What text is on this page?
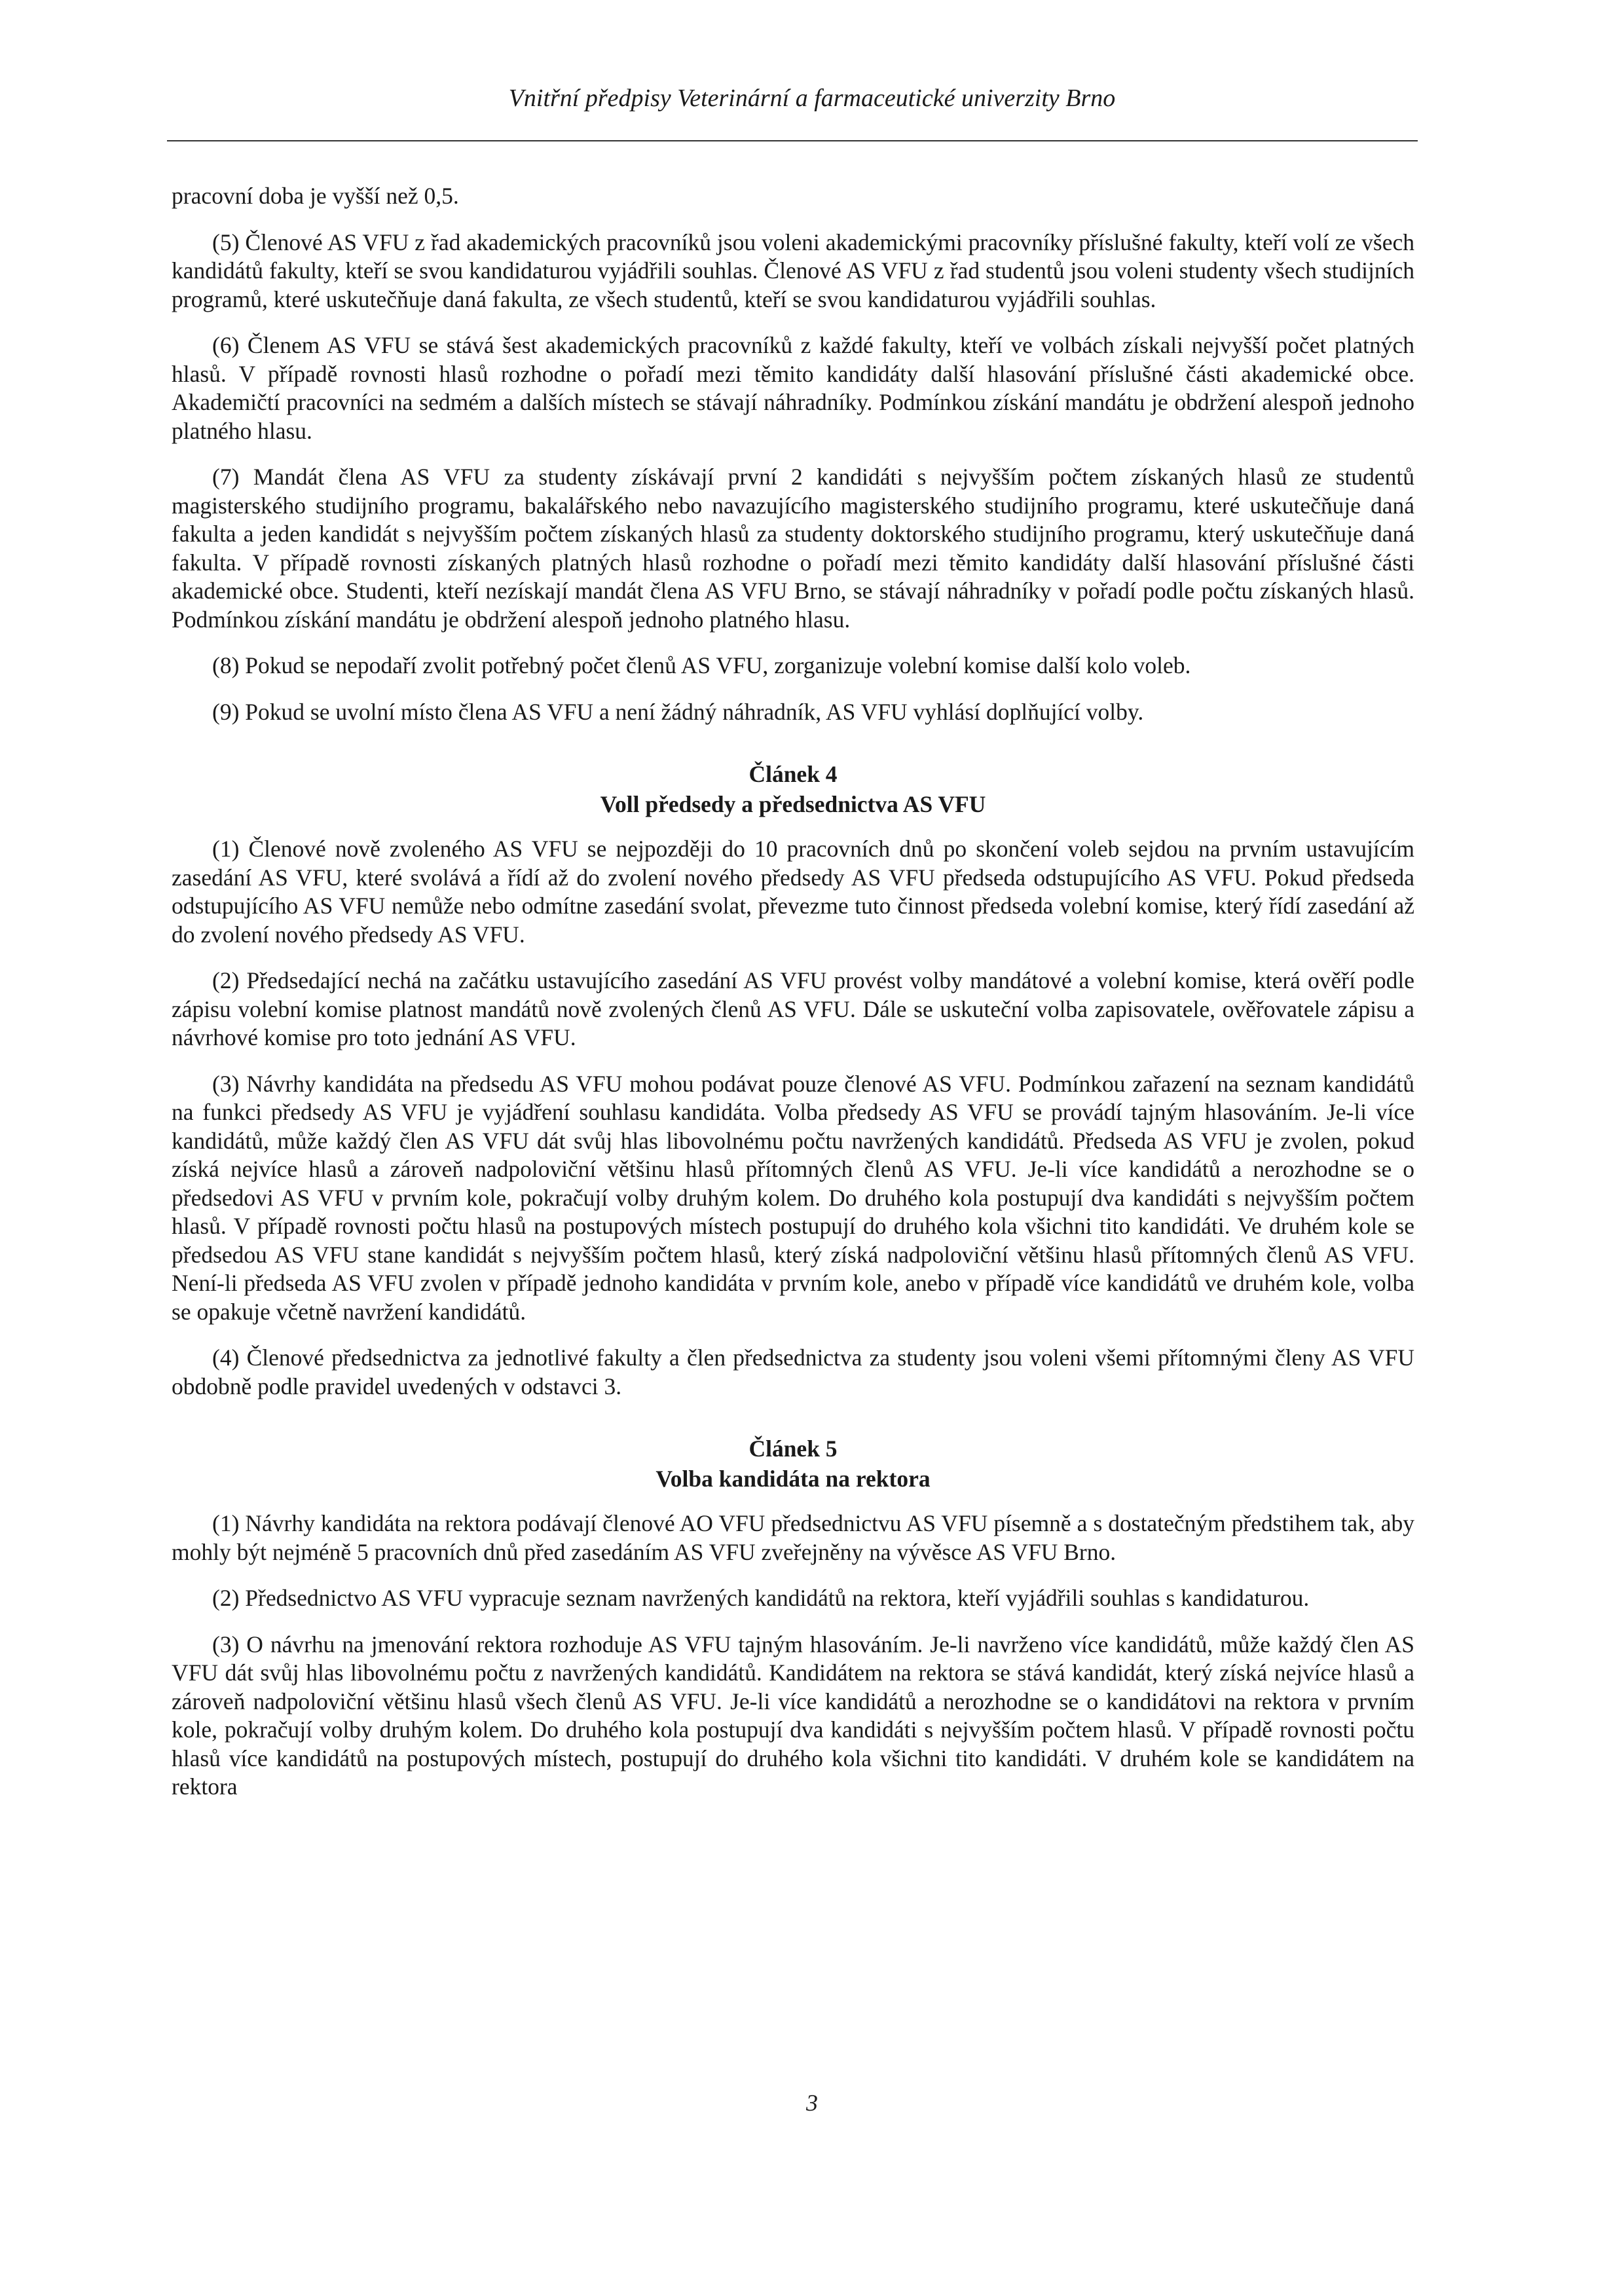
Vnitřní předpisy Veterinární a farmaceutické univerzity Brno

pracovní doba je vyšší než 0,5.

(5) Členové AS VFU z řad akademických pracovníků jsou voleni akademickými pracovníky příslušné fakulty, kteří volí ze všech kandidátů fakulty, kteří se svou kandidaturou vyjádřili souhlas. Členové AS VFU z řad studentů jsou voleni studenty všech studijních programů, které uskutečňuje daná fakulta, ze všech studentů, kteří se svou kandidaturou vyjádřili souhlas.

(6) Členem AS VFU se stává šest akademických pracovníků z každé fakulty, kteří ve volbách získali nejvyšší počet platných hlasů. V případě rovnosti hlasů rozhodne o pořadí mezi těmito kandidáty další hlasování příslušné části akademické obce. Akademičtí pracovníci na sedmém a dalších místech se stávají náhradníky. Podmínkou získání mandátu je obdržení alespoň jednoho platného hlasu.

(7) Mandát člena AS VFU za studenty získávají první 2 kandidáti s nejvyšším počtem získaných hlasů ze studentů magisterského studijního programu, bakalářského nebo navazujícího magisterského studijního programu, které uskutečňuje daná fakulta a jeden kandidát s nejvyšším počtem získaných hlasů za studenty doktorského studijního programu, který uskutečňuje daná fakulta. V případě rovnosti získaných platných hlasů rozhodne o pořadí mezi těmito kandidáty další hlasování příslušné části akademické obce. Studenti, kteří nezískají mandát člena AS VFU Brno, se stávají náhradníky v pořadí podle počtu získaných hlasů. Podmínkou získání mandátu je obdržení alespoň jednoho platného hlasu.

(8) Pokud se nepodaří zvolit potřebný počet členů AS VFU, zorganizuje volební komise další kolo voleb.

(9) Pokud se uvolní místo člena AS VFU a není žádný náhradník, AS VFU vyhlásí doplňující volby.

Článek 4
Voll předsedy a předsednictva AS VFU

(1) Členové nově zvoleného AS VFU se nejpozději do 10 pracovních dnů po skončení voleb sejdou na prvním ustavujícím zasedání AS VFU, které svolává a řídí až do zvolení nového předsedy AS VFU předseda odstupujícího AS VFU. Pokud předseda odstupujícího AS VFU nemůže nebo odmítne zasedání svolat, převezme tuto činnost předseda volební komise, který řídí zasedání až do zvolení nového předsedy AS VFU.

(2) Předsedající nechá na začátku ustavujícího zasedání AS VFU provést volby mandátové a volební komise, která ověří podle zápisu volební komise platnost mandátů nově zvolených členů AS VFU. Dále se uskuteční volba zapisovatele, ověřovatele zápisu a návrhové komise pro toto jednání AS VFU.

(3) Návrhy kandidáta na předsedu AS VFU mohou podávat pouze členové AS VFU. Podmínkou zařazení na seznam kandidátů na funkci předsedy AS VFU je vyjádření souhlasu kandidáta. Volba předsedy AS VFU se provádí tajným hlasováním. Je-li více kandidátů, může každý člen AS VFU dát svůj hlas libovolnému počtu navržených kandidátů. Předseda AS VFU je zvolen, pokud získá nejvíce hlasů a zároveň nadpoloviční většinu hlasů přítomných členů AS VFU. Je-li více kandidátů a nerozhodne se o předsedovi AS VFU v prvním kole, pokračují volby druhým kolem. Do druhého kola postupují dva kandidáti s nejvyšším počtem hlasů. V případě rovnosti počtu hlasů na postupových místech postupují do druhého kola všichni tito kandidáti. Ve druhém kole se předsedou AS VFU stane kandidát s nejvyšším počtem hlasů, který získá nadpoloviční většinu hlasů přítomných členů AS VFU. Není-li předseda AS VFU zvolen v případě jednoho kandidáta v prvním kole, anebo v případě více kandidátů ve druhém kole, volba se opakuje včetně navržení kandidátů.

(4) Členové předsednictva za jednotlivé fakulty a člen předsednictva za studenty jsou voleni všemi přítomnými členy AS VFU obdobně podle pravidel uvedených v odstavci 3.

Článek 5
Volba kandidáta na rektora

(1) Návrhy kandidáta na rektora podávají členové AO VFU předsednictvu AS VFU písemně a s dostatečným předstihem tak, aby mohly být nejméně 5 pracovních dnů před zasedáním AS VFU zveřejněny na vývěsce AS VFU Brno.

(2) Předsednictvo AS VFU vypracuje seznam navržených kandidátů na rektora, kteří vyjádřili souhlas s kandidaturou.

(3) O návrhu na jmenování rektora rozhoduje AS VFU tajným hlasováním. Je-li navrženo více kandidátů, může každý člen AS VFU dát svůj hlas libovolnému počtu z navržených kandidátů. Kandidátem na rektora se stává kandidát, který získá nejvíce hlasů a zároveň nadpoloviční většinu hlasů všech členů AS VFU. Je-li více kandidátů a nerozhodne se o kandidátovi na rektora v prvním kole, pokračují volby druhým kolem. Do druhého kola postupují dva kandidáti s nejvyšším počtem hlasů. V případě rovnosti počtu hlasů více kandidátů na postupových místech, postupují do druhého kola všichni tito kandidáti. V druhém kole se kandidátem na rektora

3
